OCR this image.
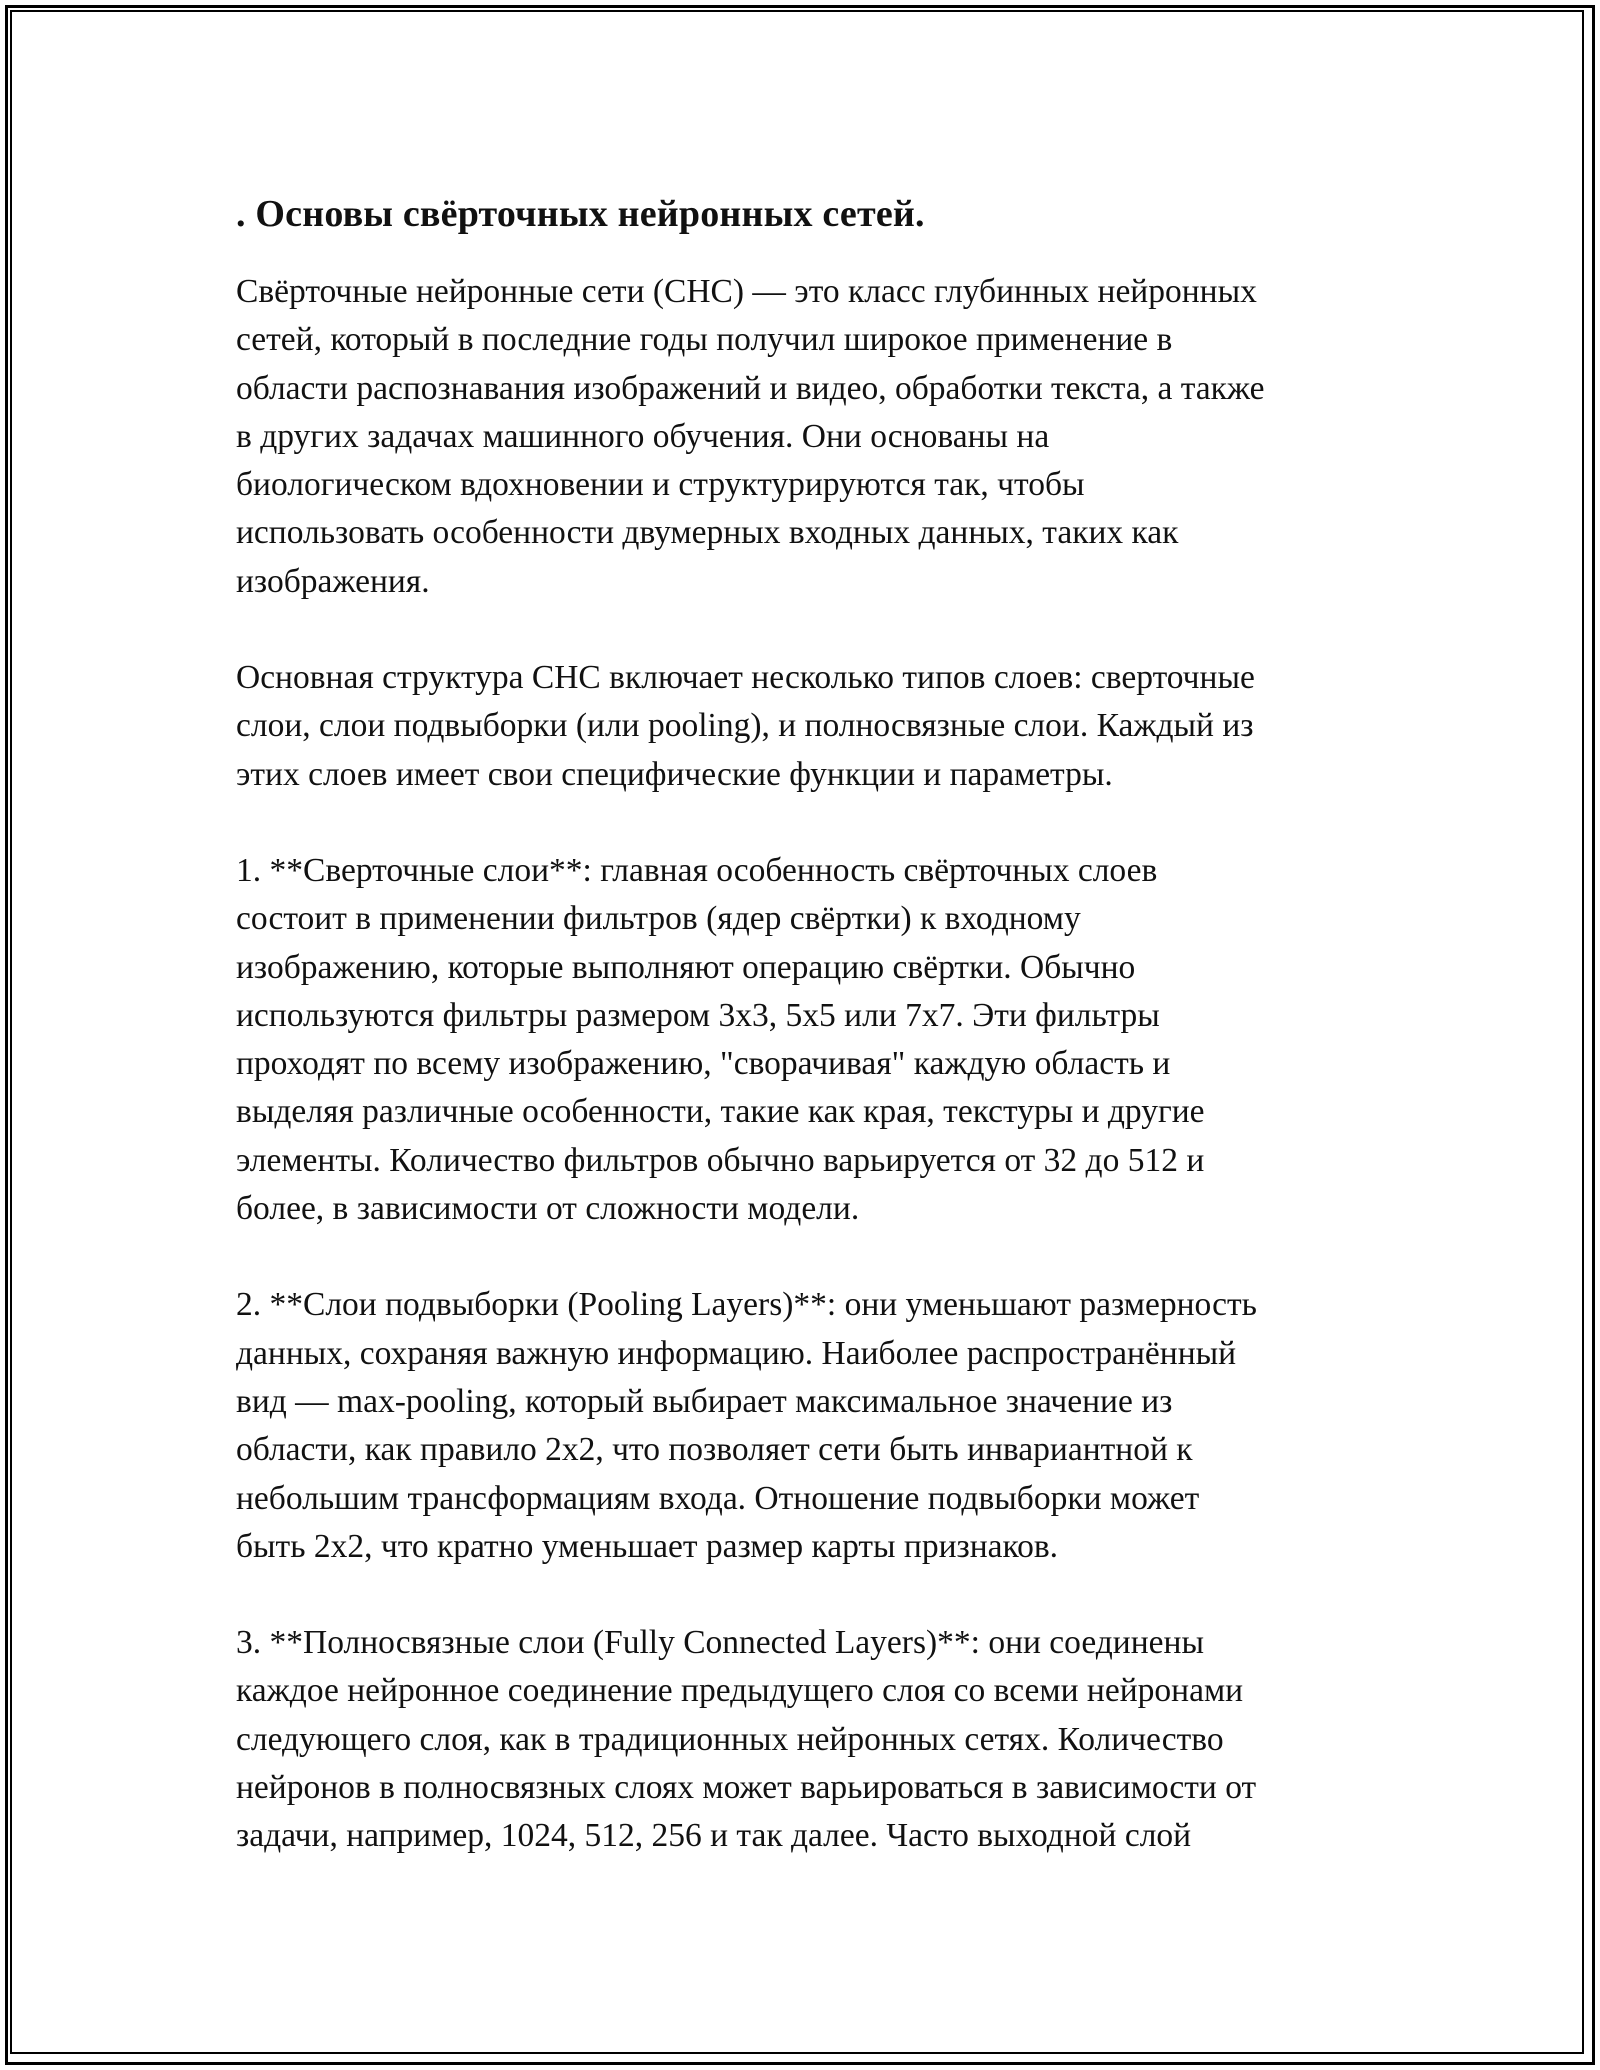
. Основы свёрточных нейронных сетей.

Свёрточные нейронные сети (СНС) — это класс глубинных нейронных
сетей, который в последние годы получил широкое применение в
области распознавания изображений и видео, обработки текста, а также
в других задачах машинного обучения. Они основаны на
биологическом вдохновении и структурируются так, чтобы
использовать особенности двумерных входных данных, таких как
изображения.

Основная структура СНС включает несколько типов слоев: сверточные
слои, слои подвыборки (или pooling), и полносвязные слои. Каждый из
этих слоев имеет свои специфические функции и параметры.

1. **Сверточные слои**: главная особенность свёрточных слоев
состоит в применении фильтров (ядер свёртки) к входному
изображению, которые выполняют операцию свёртки. Обычно
используются фильтры размером 3x3, 5x5 или 7x7. Эти фильтры
проходят по всему изображению, "сворачивая" каждую область и
выделяя различные особенности, такие как края, текстуры и другие
элементы. Количество фильтров обычно варьируется от 32 до 512 и
более, в зависимости от сложности модели.

2. **Слои подвыборки (Pooling Layers)**: они уменьшают размерность
данных, сохраняя важную информацию. Наиболее распространённый
вид — max-pooling, который выбирает максимальное значение из
области, как правило 2x2, что позволяет сети быть инвариантной к
небольшим трансформациям входа. Отношение подвыборки может
быть 2x2, что кратно уменьшает размер карты признаков.

3. **Полносвязные слои (Fully Connected Layers)**: они соединены
каждое нейронное соединение предыдущего слоя со всеми нейронами
следующего слоя, как в традиционных нейронных сетях. Количество
нейронов в полносвязных слоях может варьироваться в зависимости от
задачи, например, 1024, 512, 256 и так далее. Часто выходной слой
